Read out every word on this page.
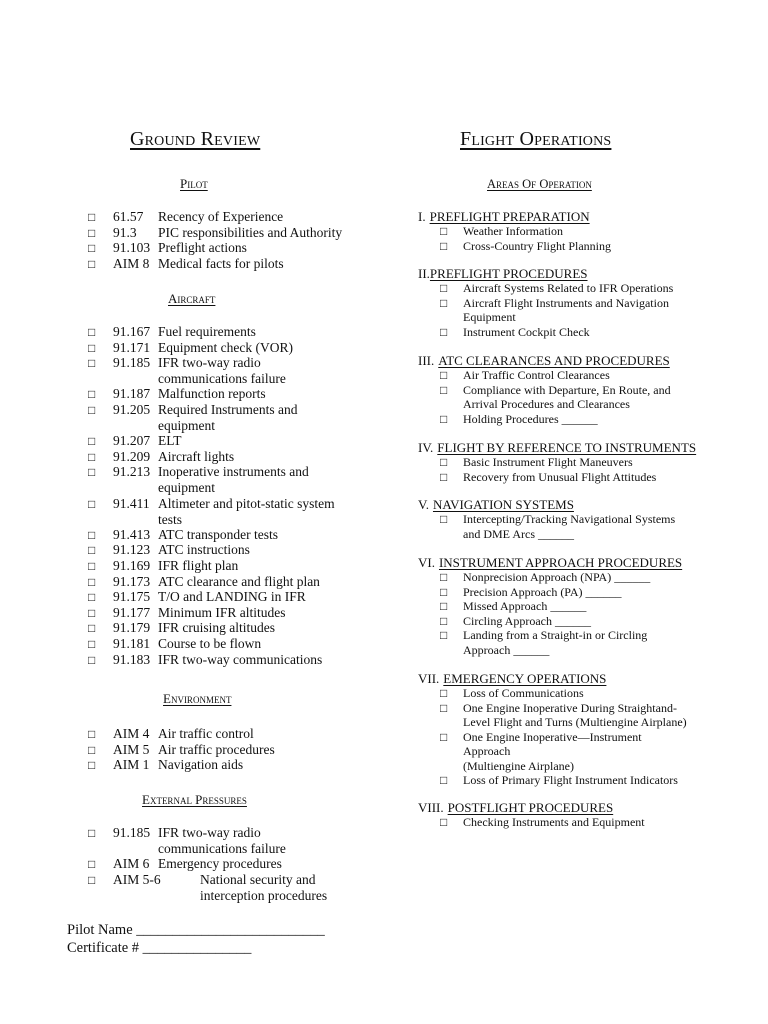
Ground Review
Pilot
□ 61.57 Recency of Experience
□ 91.3 PIC responsibilities and Authority
□ 91.103 Preflight actions
□ AIM 8 Medical facts for pilots
Aircraft
□ 91.167 Fuel requirements
□ 91.171 Equipment check (VOR)
□ 91.185 IFR two-way radio
communications failure
□ 91.187 Malfunction reports
□ 91.205 Required Instruments and
equipment
□ 91.207 ELT
□ 91.209 Aircraft lights
□ 91.213 Inoperative instruments and
equipment
□ 91.411 Altimeter and pitot-static system
tests
□ 91.413 ATC transponder tests
□ 91.123 ATC instructions
□ 91.169 IFR flight plan
□ 91.173 ATC clearance and flight plan
□ 91.175 T/O and LANDING in IFR
□ 91.177 Minimum IFR altitudes
□ 91.179 IFR cruising altitudes
□ 91.181 Course to be flown
□ 91.183 IFR two-way communications
Environment
□ AIM 4 Air traffic control
□ AIM 5 Air traffic procedures
□ AIM 1 Navigation aids
External Pressures
□ 91.185 IFR two-way radio
communications failure
□ AIM 6 Emergency procedures
□ AIM 5-6	National security and
interception procedures
Pilot Name __________________________
Certificate # _______________
Flight Operations
Areas Of Operation
I. PREFLIGHT PREPARATION
□ Weather Information
□ Cross-Country Flight Planning
II.PREFLIGHT PROCEDURES
□ Aircraft Systems Related to IFR Operations
□ Aircraft Flight Instruments and Navigation
Equipment
□ Instrument Cockpit Check
III. ATC CLEARANCES AND PROCEDURES
□ Air Traffic Control Clearances
□ Compliance with Departure, En Route, and
Arrival Procedures and Clearances
□ Holding Procedures ______
IV. FLIGHT BY REFERENCE TO INSTRUMENTS
□ Basic Instrument Flight Maneuvers
□ Recovery from Unusual Flight Attitudes
V. NAVIGATION SYSTEMS
□ Intercepting/Tracking Navigational Systems
and DME Arcs ______
VI. INSTRUMENT APPROACH PROCEDURES
□ Nonprecision Approach (NPA) ______
□ Precision Approach (PA) ______
□ Missed Approach ______
□ Circling Approach ______
□ Landing from a Straight-in or Circling
Approach ______
VII. EMERGENCY OPERATIONS
□ Loss of Communications
□ One Engine Inoperative During Straightand-
Level Flight and Turns (Multiengine Airplane)
□ One Engine Inoperative—Instrument
Approach
(Multiengine Airplane)
□ Loss of Primary Flight Instrument Indicators
VIII. POSTFLIGHT PROCEDURES
□ Checking Instruments and Equipment
